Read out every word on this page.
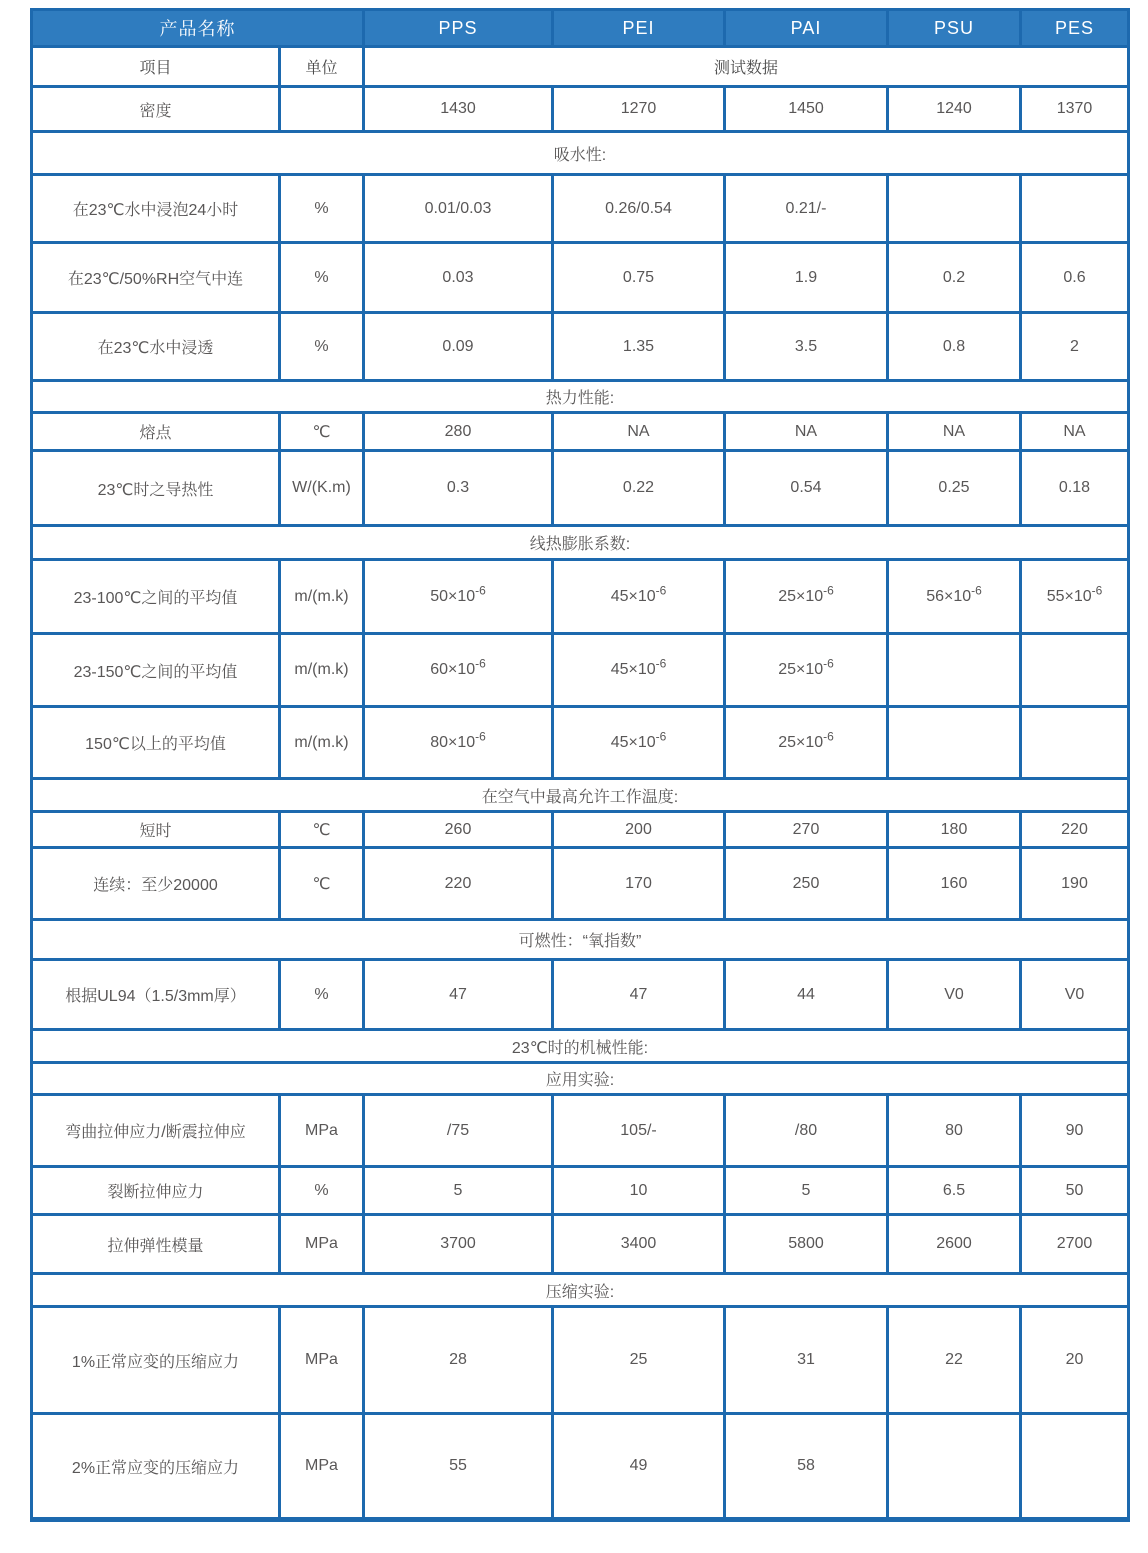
产品名称		PPS	PEI	PAI	PSU	PES
项目	单位	测试数据				
密度		1430	1270	1450	1240	1370
吸水性:						
在23℃水中浸泡24小时	%	0.01/0.03	0.26/0.54	0.21/-		
在23℃/50%RH空气中连	%	0.03	0.75	1.9	0.2	0.6
在23℃水中浸透	%	0.09	1.35	3.5	0.8	2
热力性能:						
熔点	℃	280	NA	NA	NA	NA
23℃时之导热性	W/(K.m)	0.3	0.22	0.54	0.25	0.18
线热膨胀系数:						
23-100℃之间的平均值	m/(m.k)	$50\times 10^{-6}$	$45\times 10^{-6}$	$25\times 10^{-6}$	$56\times 10^{-6}$	$55\times 10^{-6}$
23-150℃之间的平均值	m/(m.k)	$60\times 10^{-6}$	$45\times 10^{-6}$	$25\times 10^{-6}$		
150℃以上的平均值	m/(m.k)	$80\times 10^{-6}$	$45\times 10^{-6}$	$25\times 10^{-6}$		
在空气中最高允许工作温度:						
短时	℃	260	200	270	180	220
连续：至少20000	℃	220	170	250	160	190
可燃性：“氧指数”						
根据UL94（1.5/3mm厚）	%	47	47	44	V0	V0
23℃时的机械性能:						
应用实验:						
弯曲拉伸应力/断震拉伸应	MPa	/75	105/-	/80	80	90
裂断拉伸应力	%	5	10	5	6.5	50
拉伸弹性模量	MPa	3700	3400	5800	2600	2700
压缩实验:						
1%正常应变的压缩应力	MPa	28	25	31	22	20
2%正常应变的压缩应力	MPa	55	49	58		
